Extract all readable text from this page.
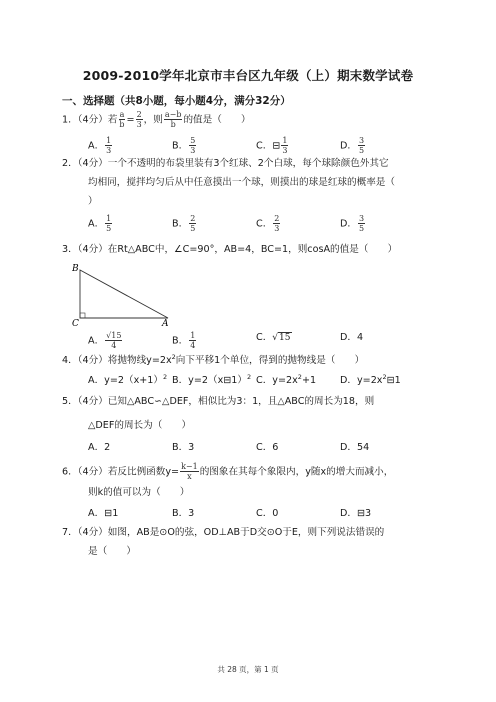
2009-2010学年北京市丰台区九年级（上）期末数学试卷
一、选择题（共8小题，每小题4分，满分32分）
1．（4分）若 $\frac{a}{b} = \frac{2}{3}$ ，则 $\frac{a-b}{b}$ 的值是（　　）
A． $\frac{1}{3}$	B． $\frac{5}{3}$	C．⊟ $\frac{1}{3}$	D． $\frac{3}{5}$
2．（4分）一个不透明的布袋里装有3个红球、2个白球，每个球除颜色外其它
均相同，搅拌均匀后从中任意摸出一个球，则摸出的球是红球的概率是（
）
A． $\frac{1}{5}$	B． $\frac{2}{5}$	C． $\frac{2}{3}$	D． $\frac{3}{5}$
3．（4分）在Rt△ABC中，∠C=90°，AB=4，BC=1，则cosA的值是（　　）
B
C	A
A． $\frac{√15}{4}$	B． $\frac{1}{4}$	C．√15	D．4
4．（4分）将抛物线$y=2x^2$向下平移1个单位，得到的抛物线是（　　）
A．$y=2(x+1)^2$ B．y=2（x⊟1）$^2$ C．$y=2x^2+1$ D．$y=2x^2⊟1$
5．（4分）已知△ABC∽△DEF，相似比为3：1，且△ABC的周长为18，则
△DEF的周长为（　　）
A．2	B．3	C．6	D．54
6．（4分）若反比例函数$y= \frac{k-1}{x}$ 的图象在其每个象限内，y随x的增大而减小，
则k的值可以为（　　）
A．⊟1	B．3	C．0	D．⊟3
7．（4分）如图，AB是⊙O的弦，OD⊥AB于D交⊙O于E，则下列说法错误的
是（　　）
共 28 页，第 1 页
